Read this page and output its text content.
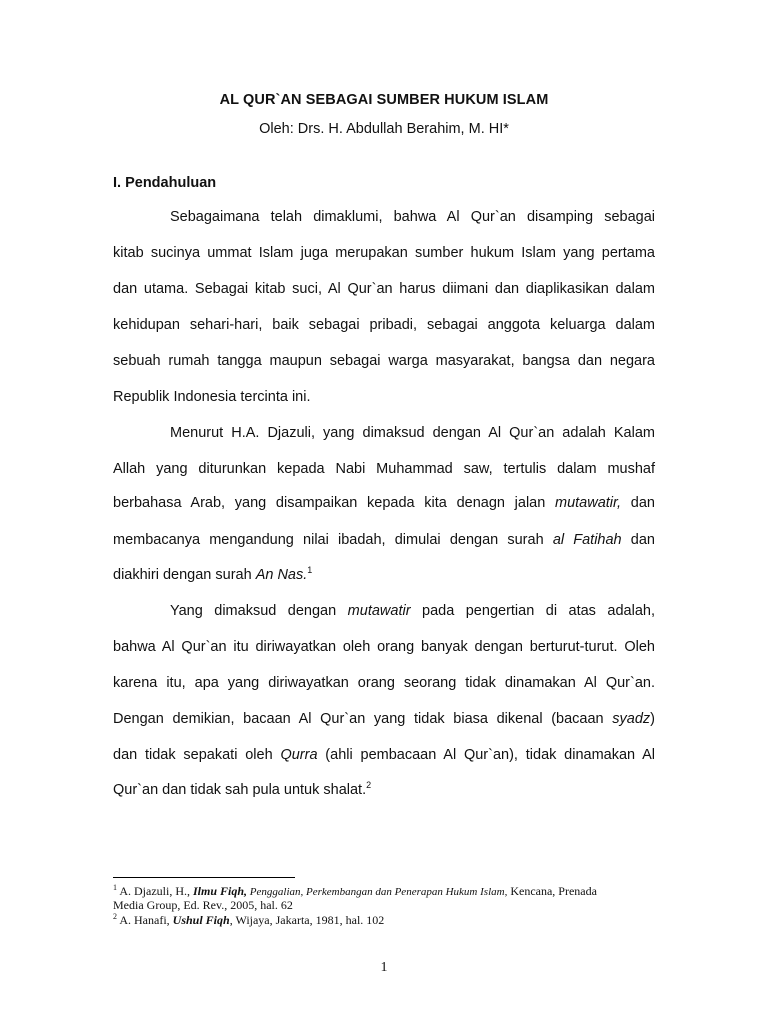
AL QUR`AN SEBAGAI SUMBER HUKUM ISLAM
Oleh: Drs. H. Abdullah Berahim, M. HI*
I. Pendahuluan
Sebagaimana telah dimaklumi, bahwa Al Qur`an disamping sebagai
kitab sucinya ummat Islam juga merupakan sumber hukum Islam yang pertama
dan utama. Sebagai kitab suci, Al Qur`an harus diimani dan diaplikasikan dalam
kehidupan sehari-hari, baik sebagai pribadi, sebagai anggota keluarga dalam
sebuah rumah tangga maupun sebagai warga masyarakat, bangsa dan negara
Republik Indonesia tercinta ini.
Menurut H.A. Djazuli, yang dimaksud dengan Al Qur`an adalah Kalam
Allah yang diturunkan kepada Nabi Muhammad saw, tertulis dalam mushaf
berbahasa Arab, yang disampaikan kepada kita denagn jalan mutawatir, dan
membacanya mengandung nilai ibadah, dimulai dengan surah al Fatihah dan
diakhiri dengan surah An Nas.$^1$
Yang dimaksud dengan mutawatir pada pengertian di atas adalah,
bahwa Al Qur`an itu diriwayatkan oleh orang banyak dengan berturut-turut. Oleh
karena itu, apa yang diriwayatkan orang seorang tidak dinamakan Al Qur`an.
Dengan demikian, bacaan Al Qur`an yang tidak biasa dikenal (bacaan syadz)
dan tidak sepakati oleh Qurra (ahli pembacaan Al Qur`an), tidak dinamakan Al
Qur`an dan tidak sah pula untuk shalat.$^2$
$^1$ A. Djazuli, H., Ilmu Fiqh, Penggalian, Perkembangan dan Penerapan Hukum Islam, Kencana, Prenada
Media Group, Ed. Rev., 2005, hal. 62
$^2$ A. Hanafi, Ushul Fiqh, Wijaya, Jakarta, 1981, hal. 102
1
